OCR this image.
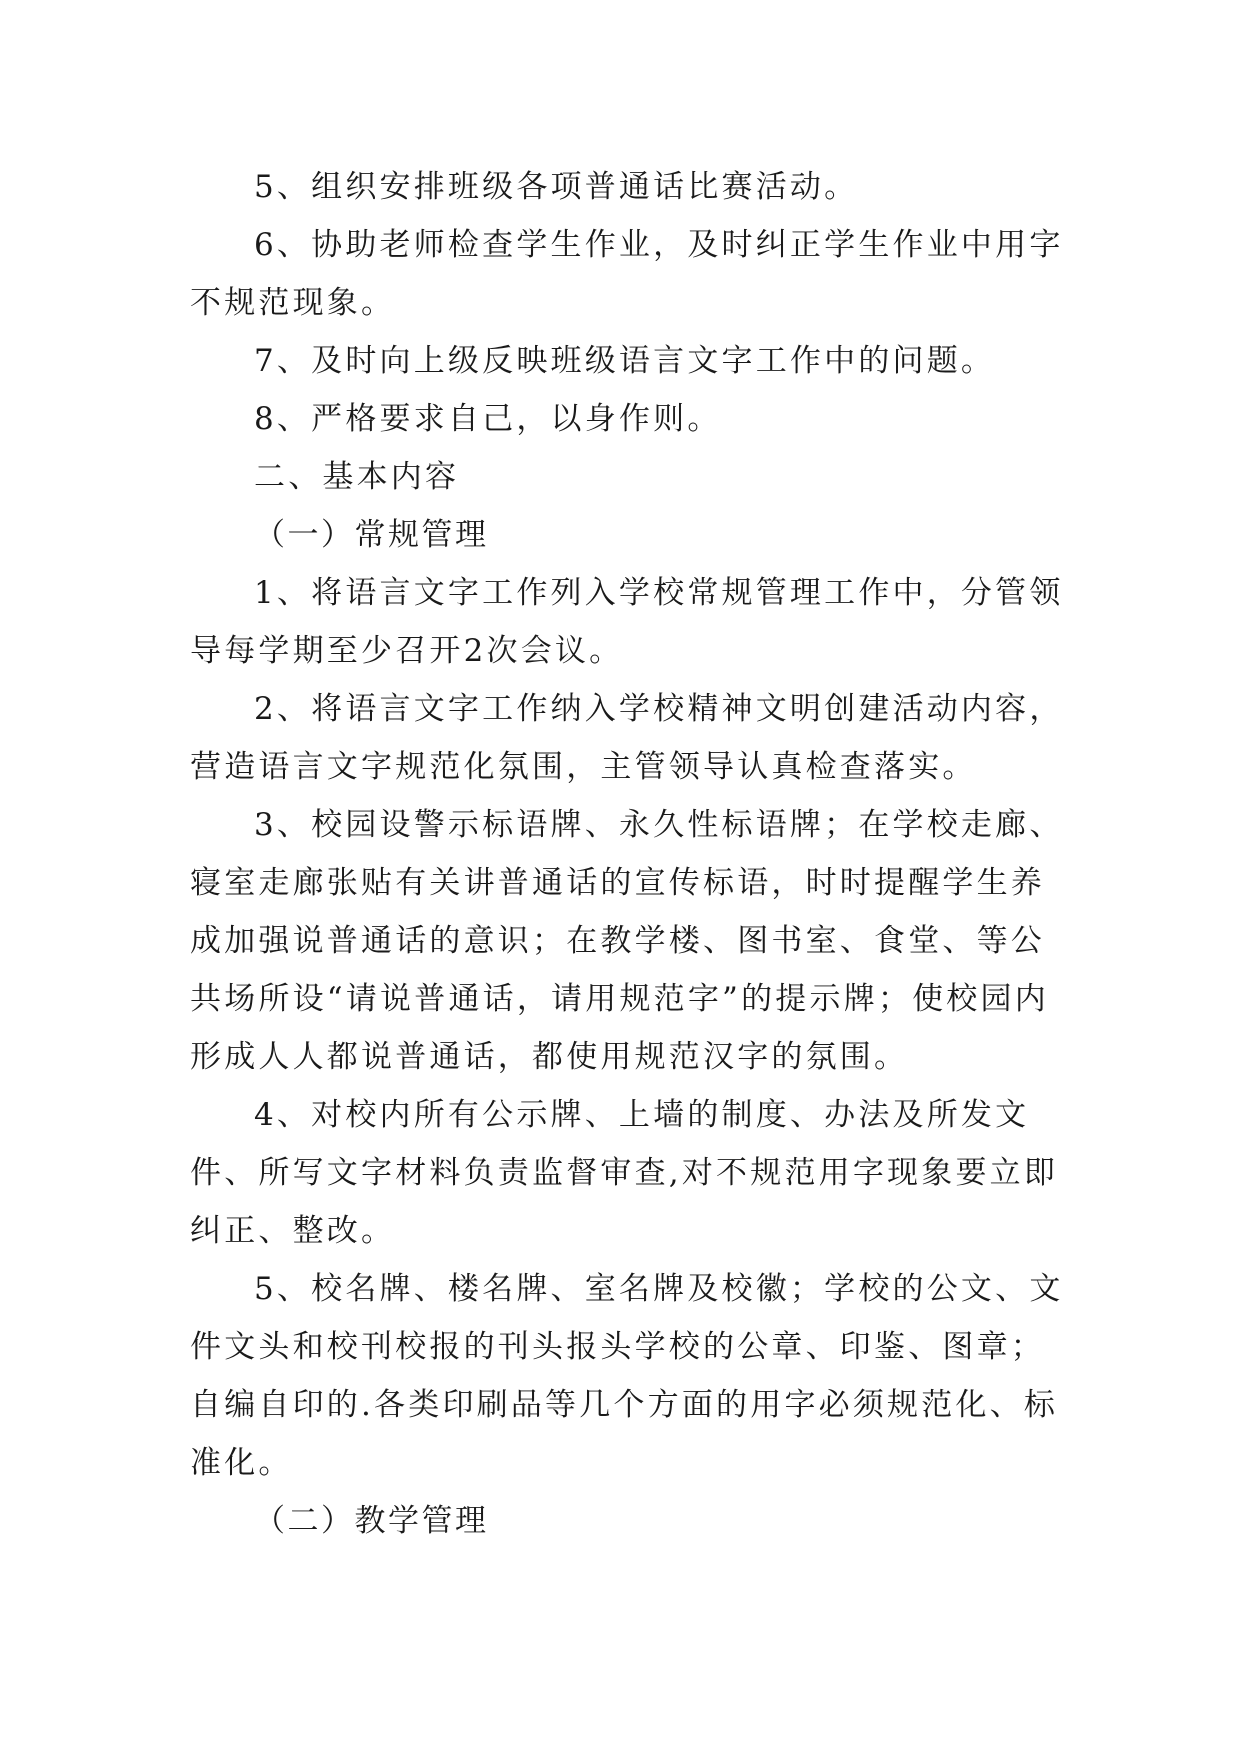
5、组织安排班级各项普通话比赛活动。

6、协助老师检查学生作业，及时纠正学生作业中用字不规范现象。

7、及时向上级反映班级语言文字工作中的问题。

8、严格要求自己，以身作则。

二、基本内容

（一）常规管理

1、将语言文字工作列入学校常规管理工作中，分管领导每学期至少召开2次会议。

2、将语言文字工作纳入学校精神文明创建活动内容，营造语言文字规范化氛围，主管领导认真检查落实。

3、校园设警示标语牌、永久性标语牌；在学校走廊、寝室走廊张贴有关讲普通话的宣传标语，时时提醒学生养成加强说普通话的意识；在教学楼、图书室、食堂、等公共场所设“请说普通话，请用规范字”的提示牌；使校园内形成人人都说普通话，都使用规范汉字的氛围。

4、对校内所有公示牌、上墙的制度、办法及所发文件、所写文字材料负责监督审查,对不规范用字现象要立即纠正、整改。

5、校名牌、楼名牌、室名牌及校徽；学校的公文、文件文头和校刊校报的刊头报头学校的公章、印鉴、图章；自编自印的.各类印刷品等几个方面的用字必须规范化、标准化。

（二）教学管理
